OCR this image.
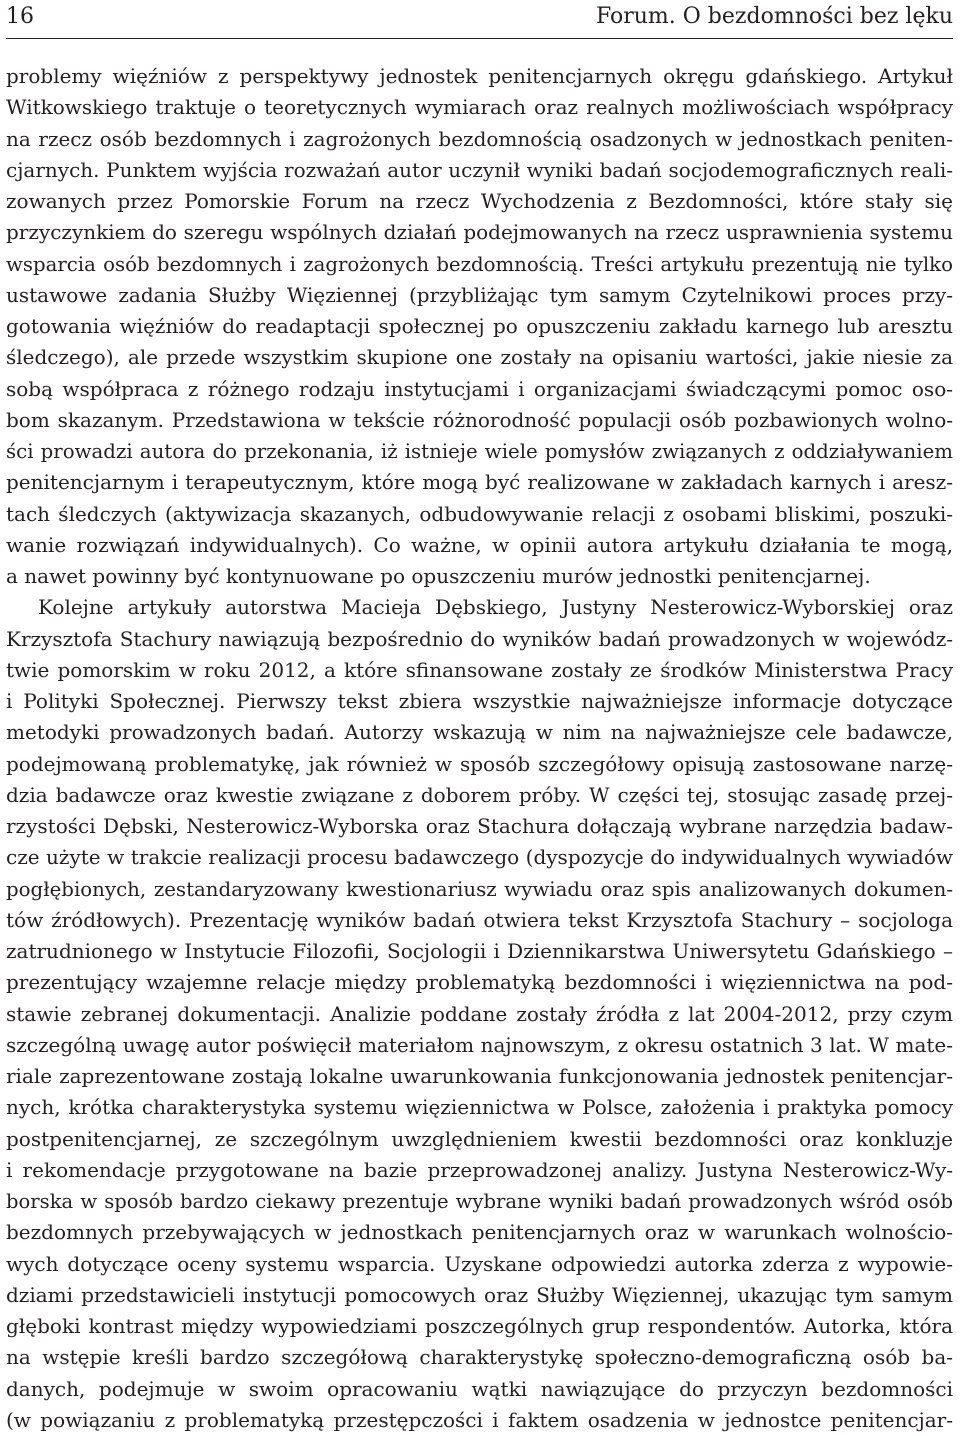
16	Forum. O bezdomności bez lęku
problemy więźniów z perspektywy jednostek penitencjarnych okręgu gdańskiego. Artykuł
Witkowskiego traktuje o teoretycznych wymiarach oraz realnych możliwościach współpracy
na rzecz osób bezdomnych i zagrożonych bezdomnością osadzonych w jednostkach peniten-
cjarnych. Punktem wyjścia rozważań autor uczynił wyniki badań socjodemograficznych reali-
zowanych przez Pomorskie Forum na rzecz Wychodzenia z Bezdomności, które stały się
przyczynkiem do szeregu wspólnych działań podejmowanych na rzecz usprawnienia systemu
wsparcia osób bezdomnych i zagrożonych bezdomnością. Treści artykułu prezentują nie tylko
ustawowe zadania Służby Więziennej (przybliżając tym samym Czytelnikowi proces przy-
gotowania więźniów do readaptacji społecznej po opuszczeniu zakładu karnego lub aresztu
śledczego), ale przede wszystkim skupione one zostały na opisaniu wartości, jakie niesie za
sobą współpraca z różnego rodzaju instytucjami i organizacjami świadczącymi pomoc oso-
bom skazanym. Przedstawiona w tekście różnorodność populacji osób pozbawionych wolno-
ści prowadzi autora do przekonania, iż istnieje wiele pomysłów związanych z oddziaływaniem
penitencjarnym i terapeutycznym, które mogą być realizowane w zakładach karnych i aresz-
tach śledczych (aktywizacja skazanych, odbudowywanie relacji z osobami bliskimi, poszuki-
wanie rozwiązań indywidualnych). Co ważne, w opinii autora artykułu działania te mogą,
a nawet powinny być kontynuowane po opuszczeniu murów jednostki penitencjarnej.
Kolejne artykuły autorstwa Macieja Dębskiego, Justyny Nesterowicz-Wyborskiej oraz
Krzysztofa Stachury nawiązują bezpośrednio do wyników badań prowadzonych w wojewódz-
twie pomorskim w roku 2012, a które sfinansowane zostały ze środków Ministerstwa Pracy
i Polityki Społecznej. Pierwszy tekst zbiera wszystkie najważniejsze informacje dotyczące
metodyki prowadzonych badań. Autorzy wskazują w nim na najważniejsze cele badawcze,
podejmowaną problematykę, jak również w sposób szczegółowy opisują zastosowane narzę-
dzia badawcze oraz kwestie związane z doborem próby. W części tej, stosując zasadę przej-
rzystości Dębski, Nesterowicz-Wyborska oraz Stachura dołączają wybrane narzędzia badaw-
cze użyte w trakcie realizacji procesu badawczego (dyspozycje do indywidualnych wywiadów
pogłębionych, zestandaryzowany kwestionariusz wywiadu oraz spis analizowanych dokumen-
tów źródłowych). Prezentację wyników badań otwiera tekst Krzysztofa Stachury – socjologa
zatrudnionego w Instytucie Filozofii, Socjologii i Dziennikarstwa Uniwersytetu Gdańskiego –
prezentujący wzajemne relacje między problematyką bezdomności i więziennictwa na pod-
stawie zebranej dokumentacji. Analizie poddane zostały źródła z lat 2004-2012, przy czym
szczególną uwagę autor poświęcił materiałom najnowszym, z okresu ostatnich 3 lat. W mate-
riale zaprezentowane zostają lokalne uwarunkowania funkcjonowania jednostek penitencjar-
nych, krótka charakterystyka systemu więziennictwa w Polsce, założenia i praktyka pomocy
postpenitencjarnej, ze szczególnym uwzględnieniem kwestii bezdomności oraz konkluzje
i rekomendacje przygotowane na bazie przeprowadzonej analizy. Justyna Nesterowicz-Wy-
borska w sposób bardzo ciekawy prezentuje wybrane wyniki badań prowadzonych wśród osób
bezdomnych przebywających w jednostkach penitencjarnych oraz w warunkach wolnościo-
wych dotyczące oceny systemu wsparcia. Uzyskane odpowiedzi autorka zderza z wypowie-
dziami przedstawicieli instytucji pomocowych oraz Służby Więziennej, ukazując tym samym
głęboki kontrast między wypowiedziami poszczególnych grup respondentów. Autorka, która
na wstępie kreśli bardzo szczegółową charakterystykę społeczno-demograficzną osób ba-
danych, podejmuje w swoim opracowaniu wątki nawiązujące do przyczyn bezdomności
(w powiązaniu z problematyką przestępczości i faktem osadzenia w jednostce penitencjar-
